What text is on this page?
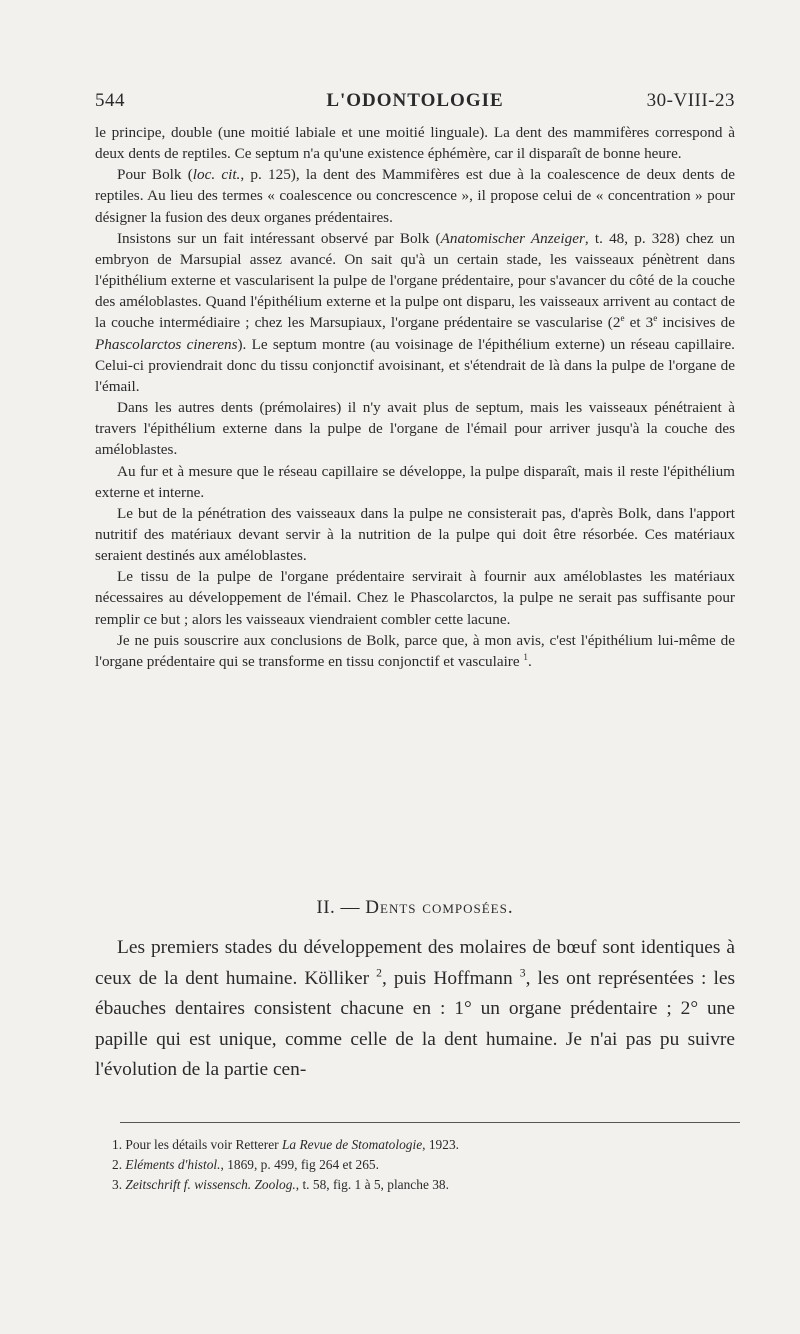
544	L'ODONTOLOGIE	30-VIII-23

le principe, double (une moitié labiale et une moitié linguale). La dent des mammifères correspond à deux dents de reptiles. Ce septum n'a qu'une existence éphémère, car il disparaît de bonne heure.

Pour Bolk (loc. cit., p. 125), la dent des Mammifères est due à la coalescence de deux dents de reptiles. Au lieu des termes « coalescence ou concrescence », il propose celui de « concentration » pour désigner la fusion des deux organes prédentaires.

Insistons sur un fait intéressant observé par Bolk (Anatomischer Anzeiger, t. 48, p. 328) chez un embryon de Marsupial assez avancé. On sait qu'à un certain stade, les vaisseaux pénètrent dans l'épithélium externe et vascularisent la pulpe de l'organe prédentaire, pour s'avancer du côté de la couche des améloblastes. Quand l'épithélium externe et la pulpe ont disparu, les vaisseaux arrivent au contact de la couche intermédiaire ; chez les Marsupiaux, l'organe prédentaire se vascularise (2e et 3e incisives de Phascolarctos cinerens). Le septum montre (au voisinage de l'épithélium externe) un réseau capillaire. Celui-ci proviendrait donc du tissu conjonctif avoisinant, et s'étendrait de là dans la pulpe de l'organe de l'émail.

Dans les autres dents (prémolaires) il n'y avait plus de septum, mais les vaisseaux pénétraient à travers l'épithélium externe dans la pulpe de l'organe de l'émail pour arriver jusqu'à la couche des améloblastes.

Au fur et à mesure que le réseau capillaire se développe, la pulpe disparaît, mais il reste l'épithélium externe et interne.

Le but de la pénétration des vaisseaux dans la pulpe ne consisterait pas, d'après Bolk, dans l'apport nutritif des matériaux devant servir à la nutrition de la pulpe qui doit être résorbée. Ces matériaux seraient destinés aux améloblastes.

Le tissu de la pulpe de l'organe prédentaire servirait à fournir aux améloblastes les matériaux nécessaires au développement de l'émail. Chez le Phascolarctos, la pulpe ne serait pas suffisante pour remplir ce but ; alors les vaisseaux viendraient combler cette lacune.

Je ne puis souscrire aux conclusions de Bolk, parce que, à mon avis, c'est l'épithélium lui-même de l'organe prédentaire qui se transforme en tissu conjonctif et vasculaire $^1$.

II. — Dents composées.

Les premiers stades du développement des molaires de bœuf sont identiques à ceux de la dent humaine. Kölliker $^2$, puis Hoffmann $^3$, les ont représentées : les ébauches dentaires consistent chacune en : 1° un organe prédentaire ; 2° une papille qui est unique, comme celle de la dent humaine. Je n'ai pas pu suivre l'évolution de la partie cen-

1. Pour les détails voir Retterer La Revue de Stomatologie, 1923.

2. Eléments d'histol., 1869, p. 499, fig 264 et 265.

3. Zeitschrift f. wissensch. Zoolog., t. 58, fig. 1 à 5, planche 38.
